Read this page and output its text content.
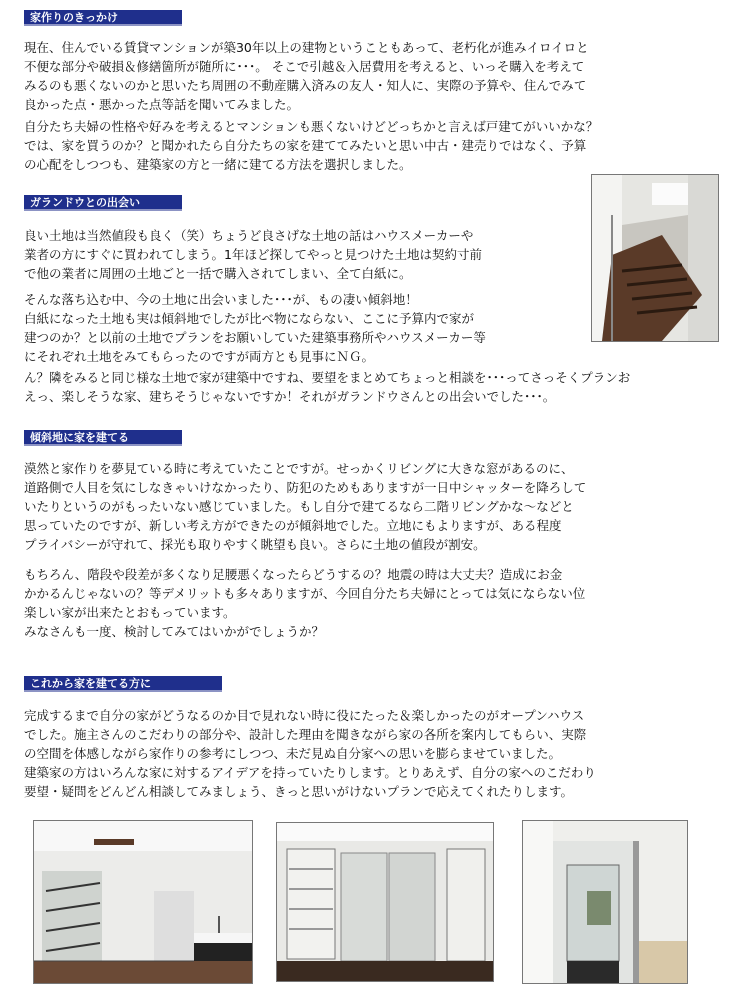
家作りのきっかけ

現在、住んでいる賃貸マンションが築30年以上の建物ということもあって、老朽化が進みイロイロと
不便な部分や破損＆修繕箇所が随所に･･･。 そこで引越＆入居費用を考えると、いっそ購入を考えて
みるのも悪くないのかと思いたち周囲の不動産購入済みの友人・知人に、実際の予算や、住んでみて
良かった点・悪かった点等話を聞いてみました。

自分たち夫婦の性格や好みを考えるとマンションも悪くないけどどっちかと言えば戸建てがいいかな？
では、家を買うのか？と聞かれたら自分たちの家を建ててみたいと思い中古・建売りではなく、予算
の心配をしつつも、建築家の方と一緒に建てる方法を選択しました。

ガランドウとの出会い

良い土地は当然値段も良く（笑）ちょうど良さげな土地の話はハウスメーカーや
業者の方にすぐに買われてしまう。1年ほど探してやっと見つけた土地は契約寸前
で他の業者に周囲の土地ごと一括で購入されてしまい、全て白紙に。

そんな落ち込む中、今の土地に出会いました･･･が、もの凄い傾斜地！
白紙になった土地も実は傾斜地でしたが比べ物にならない、ここに予算内で家が
建つのか？と以前の土地でプランをお願いしていた建築事務所やハウスメーカー等
にそれぞれ土地をみてもらったのですが両方とも見事にＮＧ。

ん？隣をみると同じ様な土地で家が建築中ですね、要望をまとめてちょっと相談を･･･ってさっそくプランお
えっ、楽しそうな家、建ちそうじゃないですか！それがガランドウさんとの出会いでした･･･。

傾斜地に家を建てる

漠然と家作りを夢見ている時に考えていたことですが。せっかくリビングに大きな窓があるのに、
道路側で人目を気にしなきゃいけなかったり、防犯のためもありますが一日中シャッターを降ろして
いたりというのがもったいない感じていました。もし自分で建てるなら二階リビングかな～などと
思っていたのですが、新しい考え方ができたのが傾斜地でした。立地にもよりますが、ある程度
プライバシーが守れて、採光も取りやすく眺望も良い。さらに土地の値段が割安。

もちろん、階段や段差が多くなり足腰悪くなったらどうするの？地震の時は大丈夫？造成にお金
かかるんじゃないの？等デメリットも多々ありますが、今回自分たち夫婦にとっては気にならない位
楽しい家が出来たとおもっています。
みなさんも一度、検討してみてはいかがでしょうか？

これから家を建てる方に

完成するまで自分の家がどうなるのか目で見れない時に役にたった＆楽しかったのがオープンハウス
でした。施主さんのこだわりの部分や、設計した理由を聞きながら家の各所を案内してもらい、実際
の空間を体感しながら家作りの参考にしつつ、未だ見ぬ自分家への思いを膨らませていました。
建築家の方はいろんな家に対するアイデアを持っていたりします。とりあえず、自分の家へのこだわり
要望・疑問をどんどん相談してみましょう、きっと思いがけないプランで応えてくれたりします。
